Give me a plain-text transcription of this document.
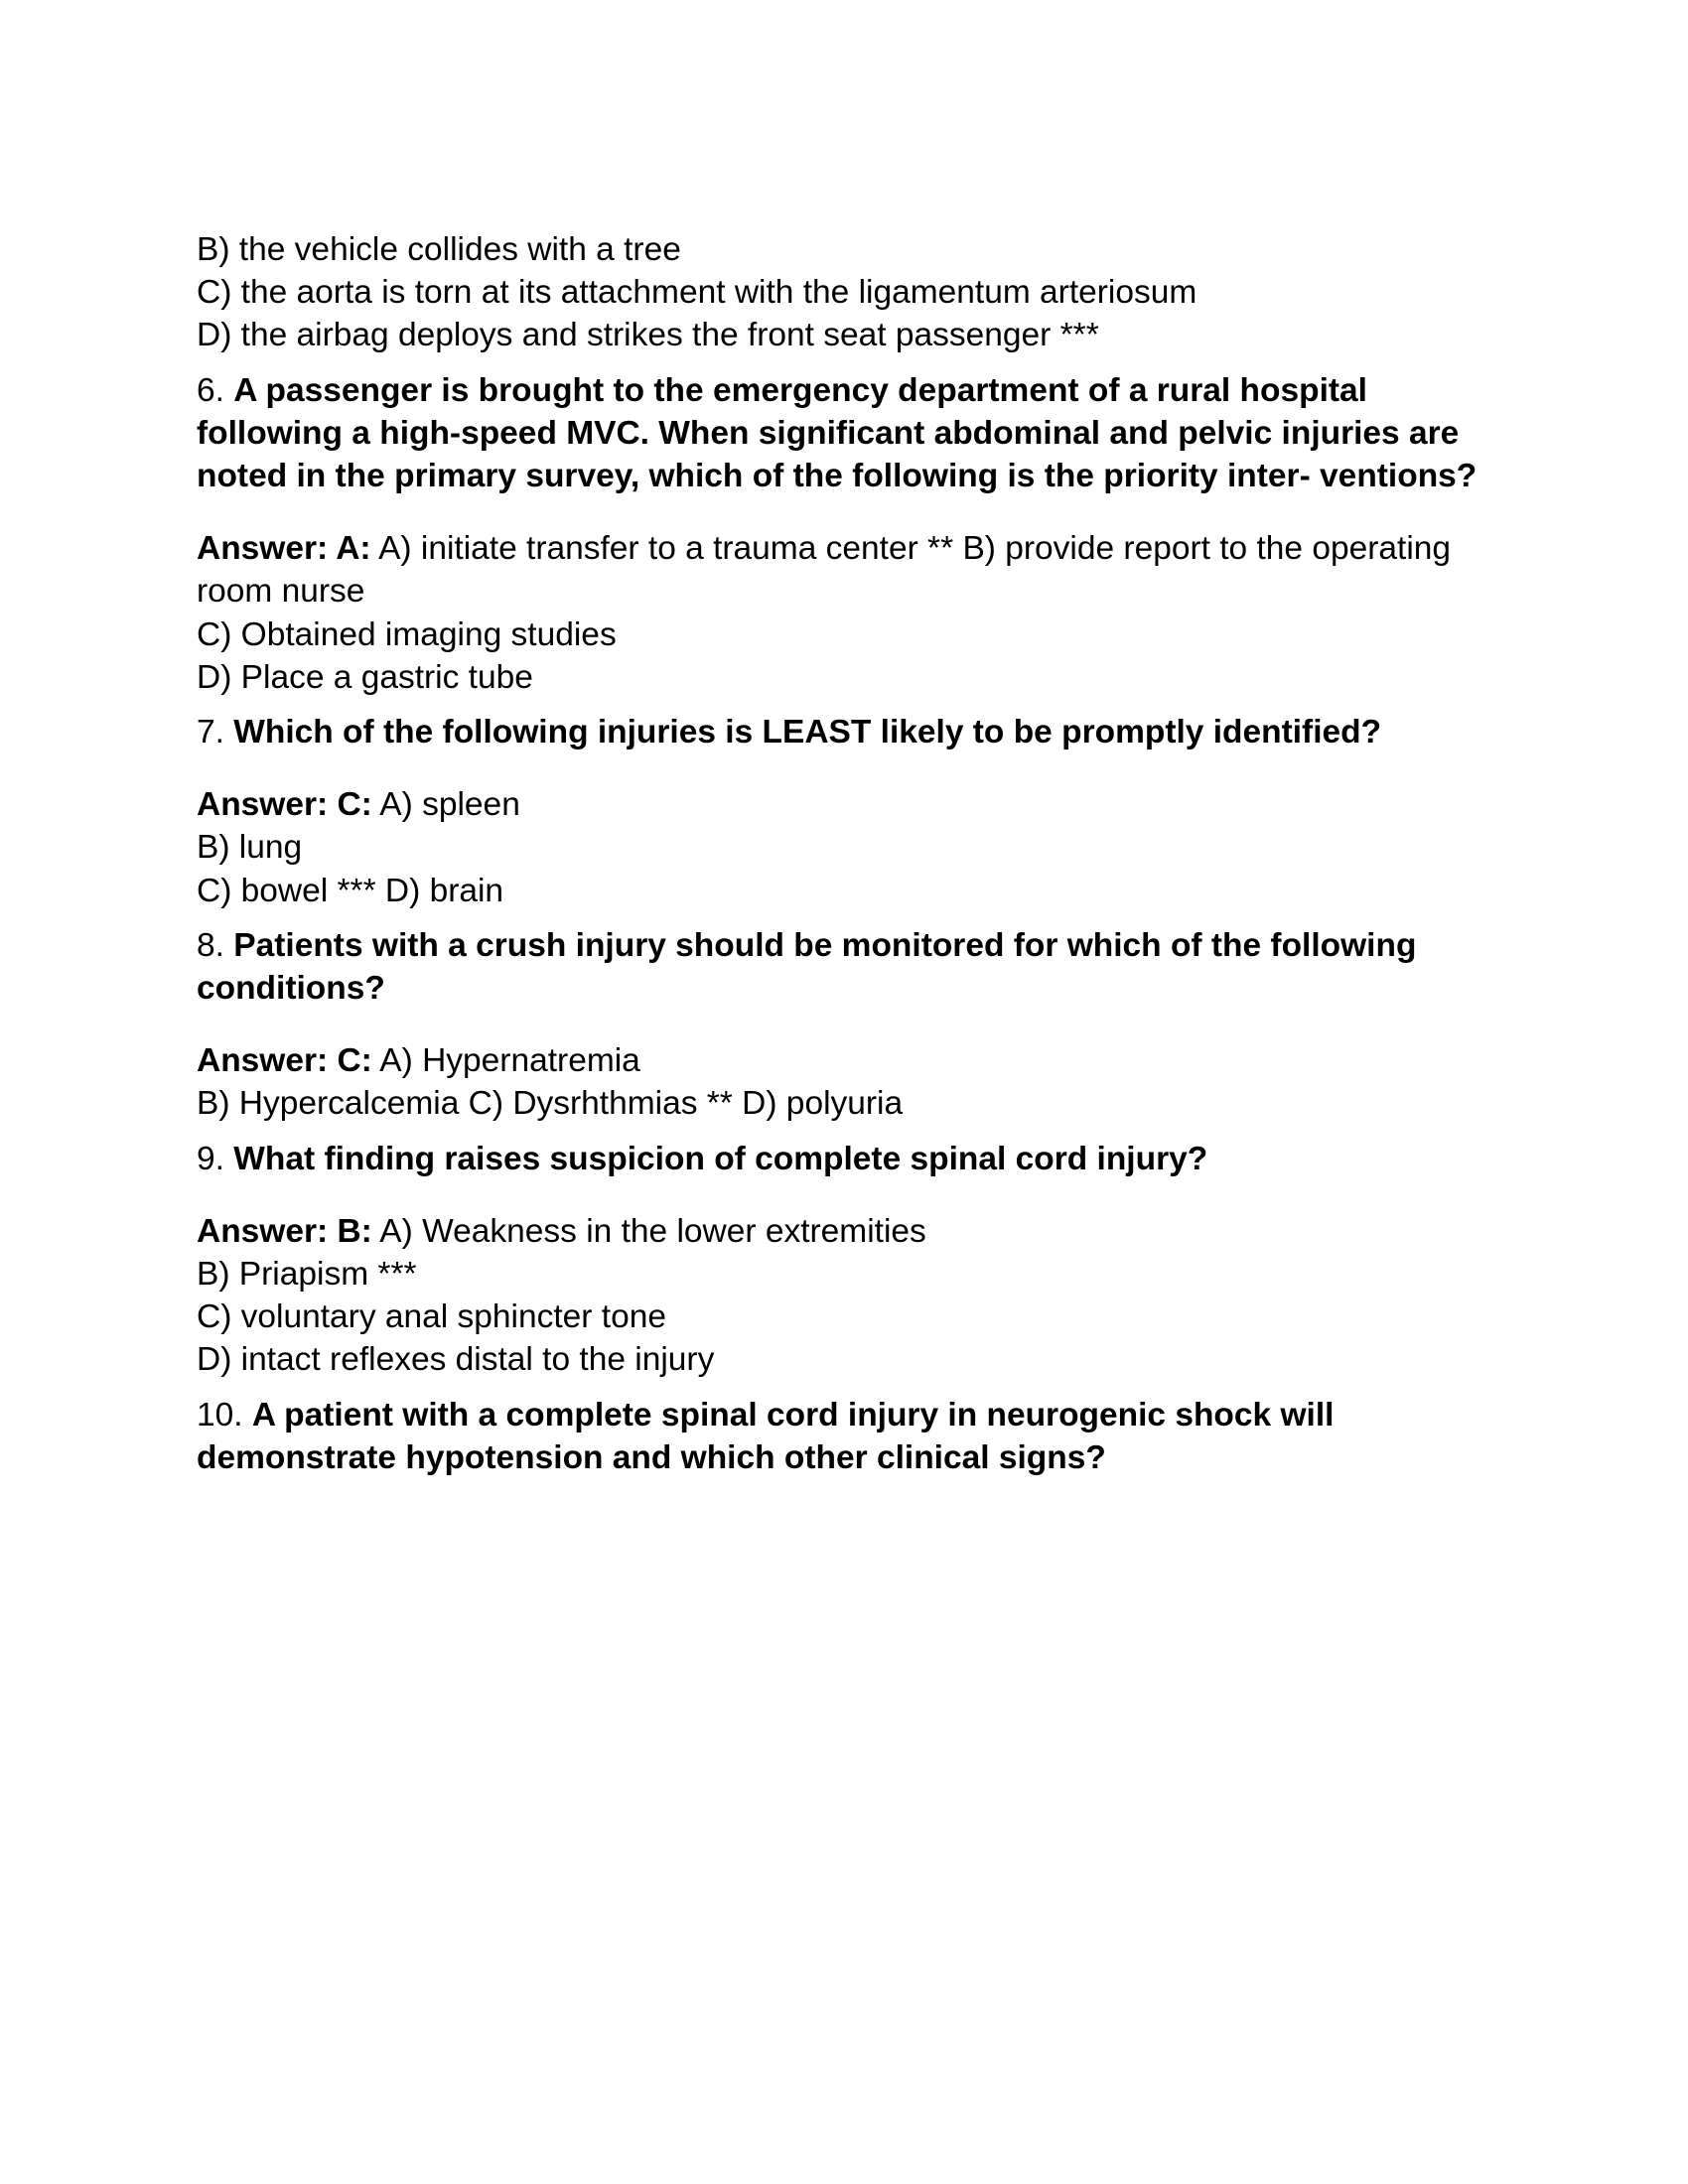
B) the vehicle collides with a tree
C) the aorta is torn at its attachment with the ligamentum arteriosum
D) the airbag deploys and strikes the front seat passenger ***

6. A passenger is brought to the emergency department of a rural hospital following a high-speed MVC. When significant abdominal and pelvic injuries are noted in the primary survey, which of the following is the priority inter- ventions?

Answer: A: A) initiate transfer to a trauma center ** B) provide report to the operating room nurse

C) Obtained imaging studies
D) Place a gastric tube

7. Which of the following injuries is LEAST likely to be promptly identified?

Answer: C: A) spleen

B) lung
C) bowel *** D) brain

8. Patients with a crush injury should be monitored for which of the following conditions?

Answer: C: A) Hypernatremia

B) Hypercalcemia C) Dysrhthmias ** D) polyuria

9. What finding raises suspicion of complete spinal cord injury?

Answer: B: A) Weakness in the lower extremities

B) Priapism ***
C) voluntary anal sphincter tone
D) intact reflexes distal to the injury

10. A patient with a complete spinal cord injury in neurogenic shock will demonstrate hypotension and which other clinical signs?
